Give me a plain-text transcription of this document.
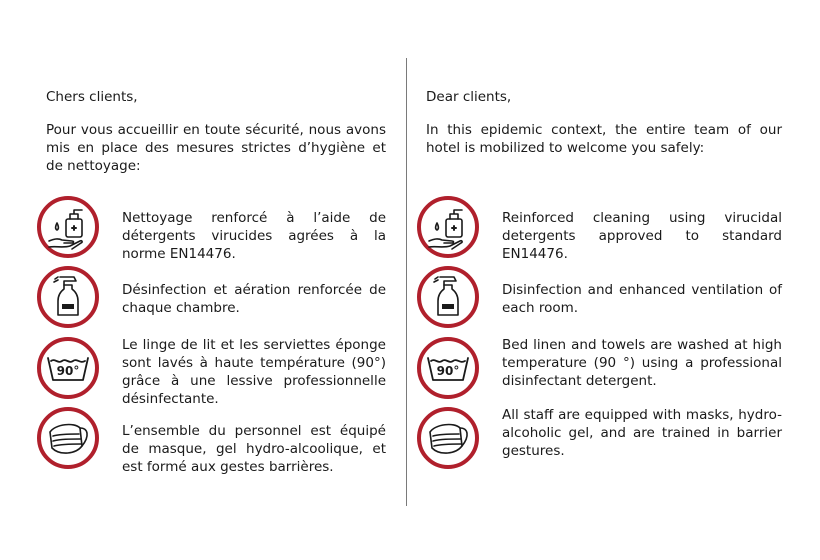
Chers clients,
Pour vous accueillir en toute sécurité, nous avons mis en place des mesures strictes d’hygiène et de nettoyage:
Nettoyage renforcé à l’aide de détergents virucides agrées à la norme EN14476.
Désinfection et aération renforcée de chaque chambre.
90°
Le linge de lit et les serviettes éponge sont lavés à haute température (90°) grâce à une lessive professionnelle désinfectante.
L’ensemble du personnel est équipé de masque, gel hydro-alcoolique, et est formé aux gestes barrières.
Dear clients,
In this epidemic context, the entire team of our hotel is mobilized to welcome you safely:
Reinforced cleaning using virucidal detergents approved to standard EN14476.
Disinfection and enhanced ventilation of each room.
90°
Bed linen and towels are washed at high temperature (90 °) using a professional disinfectant detergent.
All staff are equipped with masks, hydro-alcoholic gel, and are trained in barrier gestures.
